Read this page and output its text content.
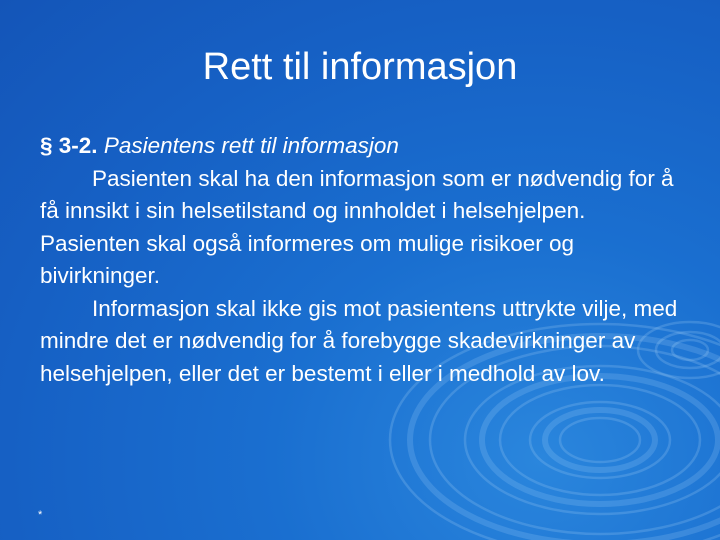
Rett til informasjon

§ 3-2. Pasientens rett til informasjon

Pasienten skal ha den informasjon som er nødvendig for å få innsikt i sin helsetilstand og innholdet i helsehjelpen. Pasienten skal også informeres om mulige risikoer og bivirkninger.

Informasjon skal ikke gis mot pasientens uttrykte vilje, med mindre det er nødvendig for å forebygge skadevirkninger av helsehjelpen, eller det er bestemt i eller i medhold av lov.

*
